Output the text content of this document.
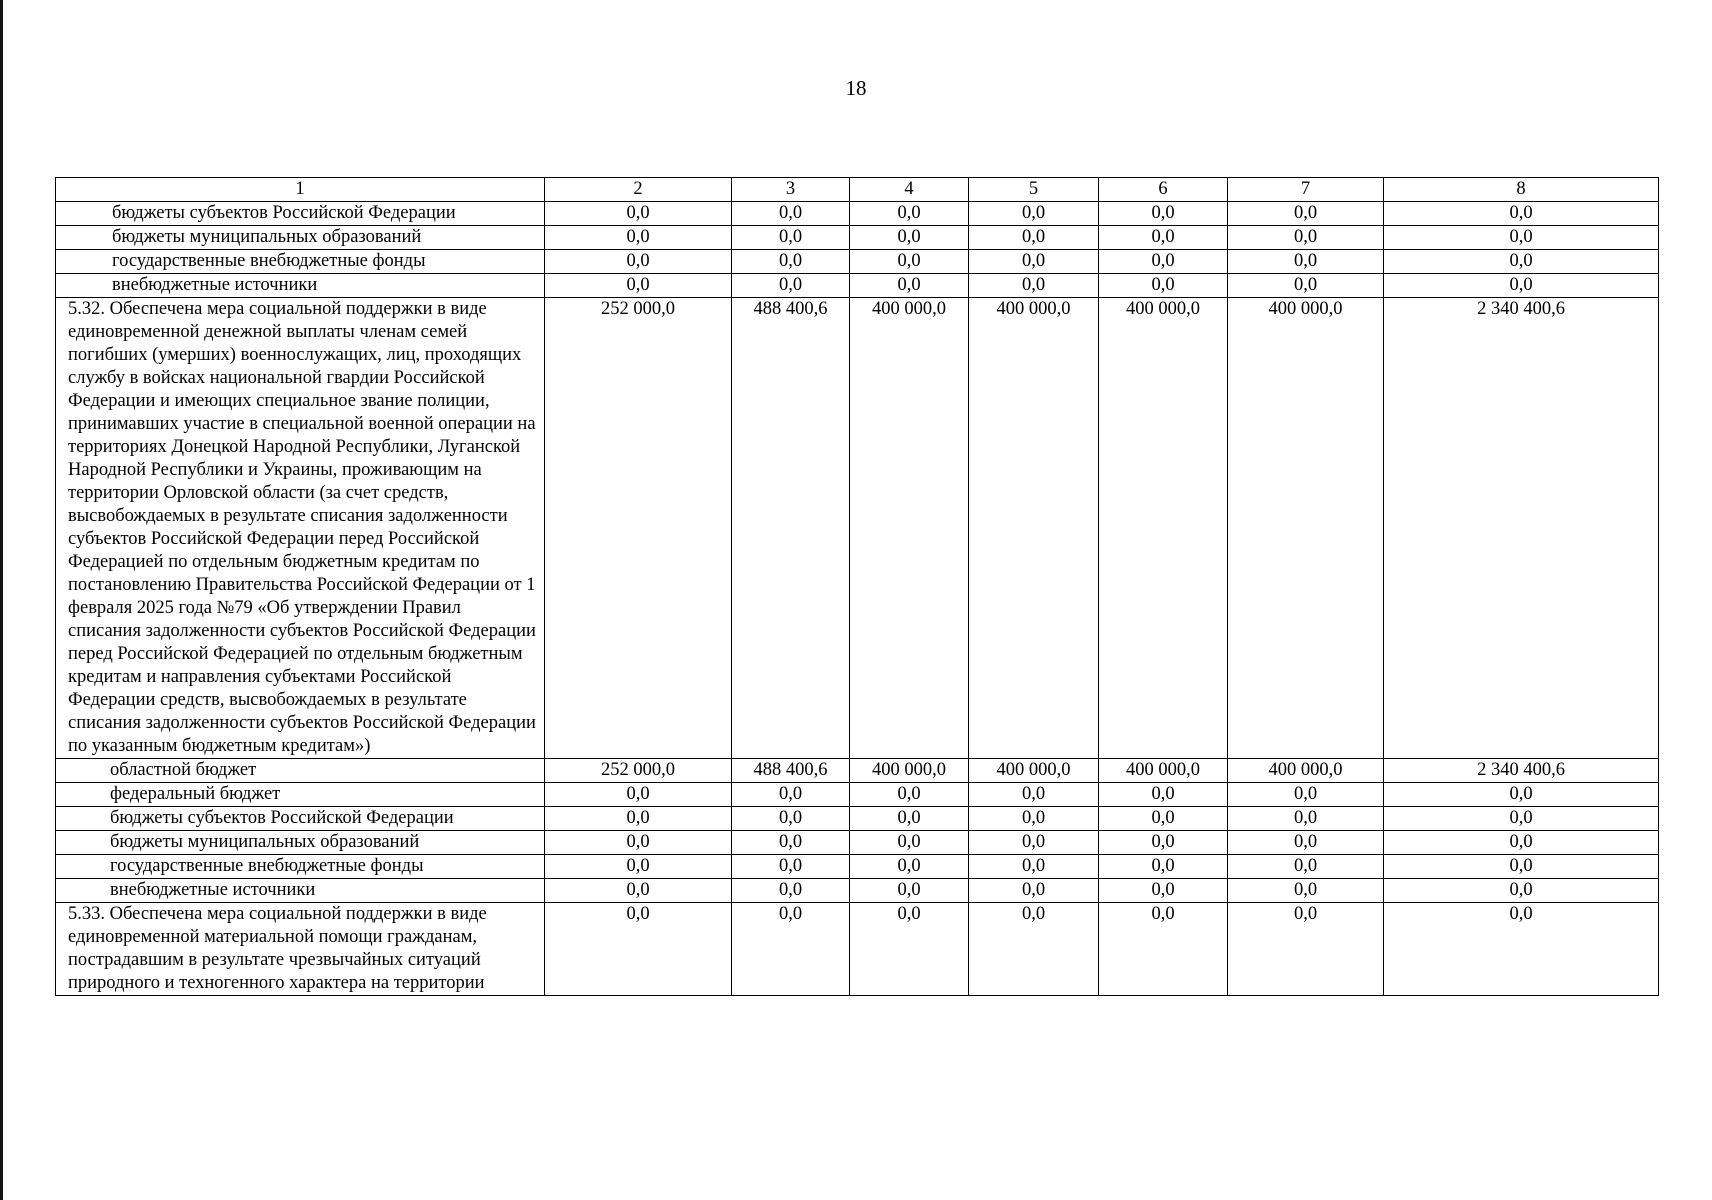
18
1	2	3	4	5	6	7	8
бюджеты субъектов Российской Федерации	0,0	0,0	0,0	0,0	0,0	0,0	0,0
бюджеты муниципальных образований	0,0	0,0	0,0	0,0	0,0	0,0	0,0
государственные внебюджетные фонды	0,0	0,0	0,0	0,0	0,0	0,0	0,0
внебюджетные источники	0,0	0,0	0,0	0,0	0,0	0,0	0,0
5.32. Обеспечена мера социальной поддержки в виде единовременной денежной выплаты членам семей погибших (умерших) военнослужащих, лиц, проходящих службу в войсках национальной гвардии Российской Федерации и имеющих специальное звание полиции, принимавших участие в специальной военной операции на территориях Донецкой Народной Республики, Луганской Народной Республики и Украины, проживающим на территории Орловской области (за счет средств, высвобождаемых в результате списания задолженности субъектов Российской Федерации перед Российской Федерацией по отдельным бюджетным кредитам по постановлению Правительства Российской Федерации от 1 февраля 2025 года №79 «Об утверждении Правил списания задолженности субъектов Российской Федерации перед Российской Федерацией по отдельным бюджетным кредитам и направления субъектами Российской Федерации средств, высвобождаемых в результате списания задолженности субъектов Российской Федерации по указанным бюджетным кредитам»)	252 000,0	488 400,6	400 000,0	400 000,0	400 000,0	400 000,0	2 340 400,6
областной бюджет	252 000,0	488 400,6	400 000,0	400 000,0	400 000,0	400 000,0	2 340 400,6
федеральный бюджет	0,0	0,0	0,0	0,0	0,0	0,0	0,0
бюджеты субъектов Российской Федерации	0,0	0,0	0,0	0,0	0,0	0,0	0,0
бюджеты муниципальных образований	0,0	0,0	0,0	0,0	0,0	0,0	0,0
государственные внебюджетные фонды	0,0	0,0	0,0	0,0	0,0	0,0	0,0
внебюджетные источники	0,0	0,0	0,0	0,0	0,0	0,0	0,0
5.33. Обеспечена мера социальной поддержки в виде единовременной материальной помощи гражданам, пострадавшим в результате чрезвычайных ситуаций природного и техногенного характера на территории	0,0	0,0	0,0	0,0	0,0	0,0	0,0
